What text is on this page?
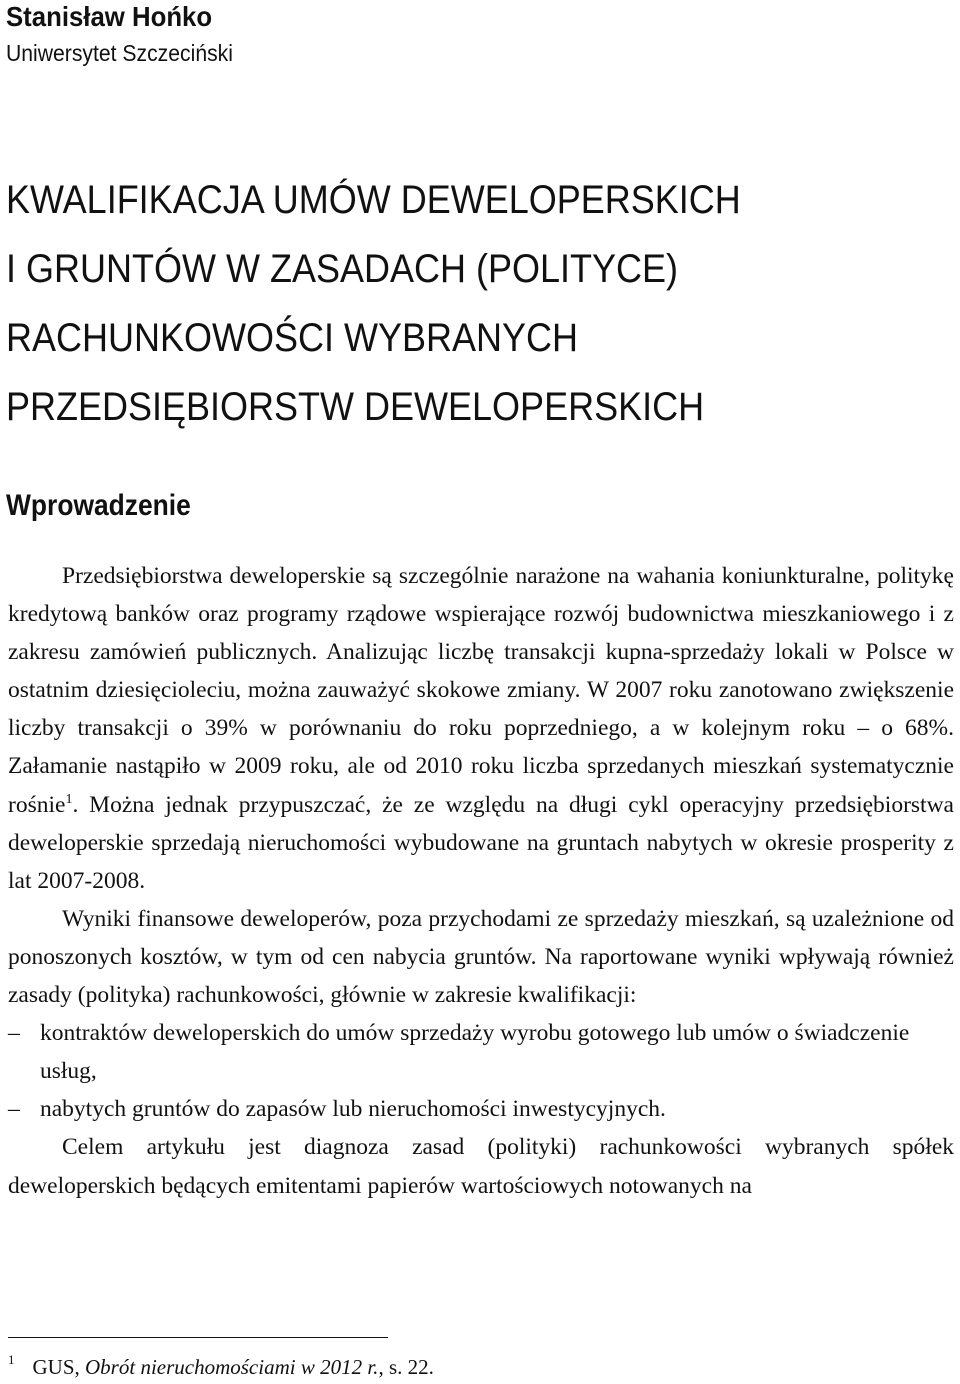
Stanisław Hońko
Uniwersytet Szczeciński
KWALIFIKACJA UMÓW DEWELOPERSKICH
I GRUNTÓW W ZASADACH (POLITYCE)
RACHUNKOWOŚCI WYBRANYCH
PRZEDSIĘBIORSTW DEWELOPERSKICH
Wprowadzenie

Przedsiębiorstwa deweloperskie są szczególnie narażone na wahania koniunkturalne, politykę kredytową banków oraz programy rządowe wspierające rozwój budownictwa mieszkaniowego i z zakresu zamówień publicznych. Analizując liczbę transakcji kupna-sprzedaży lokali w Polsce w ostatnim dziesięcioleciu, można zauważyć skokowe zmiany. W 2007 roku zanotowano zwiększenie liczby transakcji o 39% w porównaniu do roku poprzedniego, a w kolejnym roku – o 68%. Załamanie nastąpiło w 2009 roku, ale od 2010 roku liczba sprzedanych mieszkań systematycznie rośnie$^1$. Można jednak przypuszczać, że ze względu na długi cykl operacyjny przedsiębiorstwa deweloperskie sprzedają nieruchomości wybudowane na gruntach nabytych w okresie prosperity z lat 2007-2008.

Wyniki finansowe deweloperów, poza przychodami ze sprzedaży mieszkań, są uzależnione od ponoszonych kosztów, w tym od cen nabycia gruntów. Na raportowane wyniki wpływają również zasady (polityka) rachunkowości, głównie w zakresie kwalifikacji:

– kontraktów deweloperskich do umów sprzedaży wyrobu gotowego lub umów o świadczenie usług,
– nabytych gruntów do zapasów lub nieruchomości inwestycyjnych.

Celem artykułu jest diagnoza zasad (polityki) rachunkowości wybranych spółek deweloperskich będących emitentami papierów wartościowych notowanych na

$^1$ GUS, Obrót nieruchomościami w 2012 r., s. 22.
